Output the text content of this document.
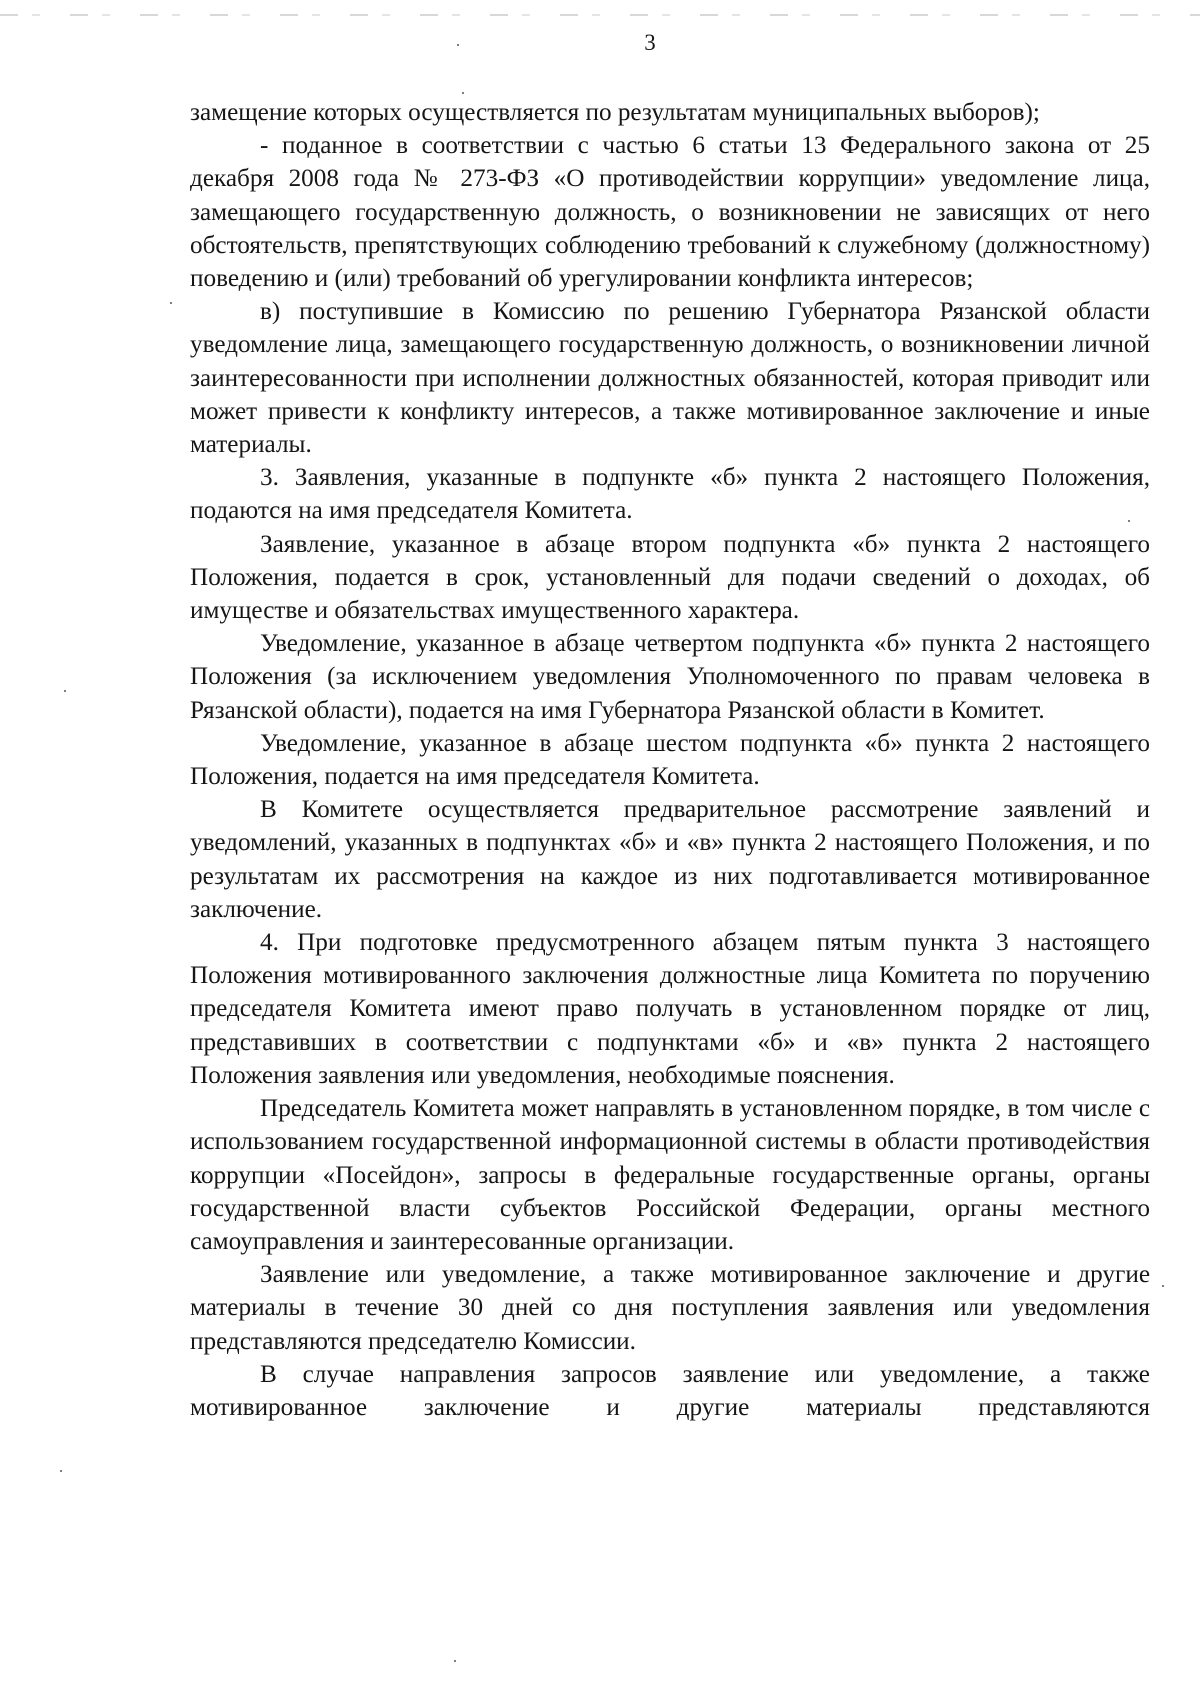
3

замещение которых осуществляется по результатам муниципальных выборов);

- поданное в соответствии с частью 6 статьи 13 Федерального закона от 25 декабря 2008 года № 273-ФЗ «О противодействии коррупции» уведомление лица, замещающего государственную должность, о возникновении не зависящих от него обстоятельств, препятствующих соблюдению требований к служебному (должностному) поведению и (или) требований об урегулировании конфликта интересов;

в) поступившие в Комиссию по решению Губернатора Рязанской области уведомление лица, замещающего государственную должность, о возникновении личной заинтересованности при исполнении должностных обязанностей, которая приводит или может привести к конфликту интересов, а также мотивированное заключение и иные материалы.

3. Заявления, указанные в подпункте «б» пункта 2 настоящего Положения, подаются на имя председателя Комитета.

Заявление, указанное в абзаце втором подпункта «б» пункта 2 настоящего Положения, подается в срок, установленный для подачи сведений о доходах, об имуществе и обязательствах имущественного характера.

Уведомление, указанное в абзаце четвертом подпункта «б» пункта 2 настоящего Положения (за исключением уведомления Уполномоченного по правам человека в Рязанской области), подается на имя Губернатора Рязанской области в Комитет.

Уведомление, указанное в абзаце шестом подпункта «б» пункта 2 настоящего Положения, подается на имя председателя Комитета.

В Комитете осуществляется предварительное рассмотрение заявлений и уведомлений, указанных в подпунктах «б» и «в» пункта 2 настоящего Положения, и по результатам их рассмотрения на каждое из них подготавливается мотивированное заключение.

4. При подготовке предусмотренного абзацем пятым пункта 3 настоящего Положения мотивированного заключения должностные лица Комитета по поручению председателя Комитета имеют право получать в установленном порядке от лиц, представивших в соответствии с подпунктами «б» и «в» пункта 2 настоящего Положения заявления или уведомления, необходимые пояснения.

Председатель Комитета может направлять в установленном порядке, в том числе с использованием государственной информационной системы в области противодействия коррупции «Посейдон», запросы в федеральные государственные органы, органы государственной власти субъектов Российской Федерации, органы местного самоуправления и заинтересованные организации.

Заявление или уведомление, а также мотивированное заключение и другие материалы в течение 30 дней со дня поступления заявления или уведомления представляются председателю Комиссии.

В случае направления запросов заявление или уведомление, а также мотивированное заключение и другие материалы представляются
